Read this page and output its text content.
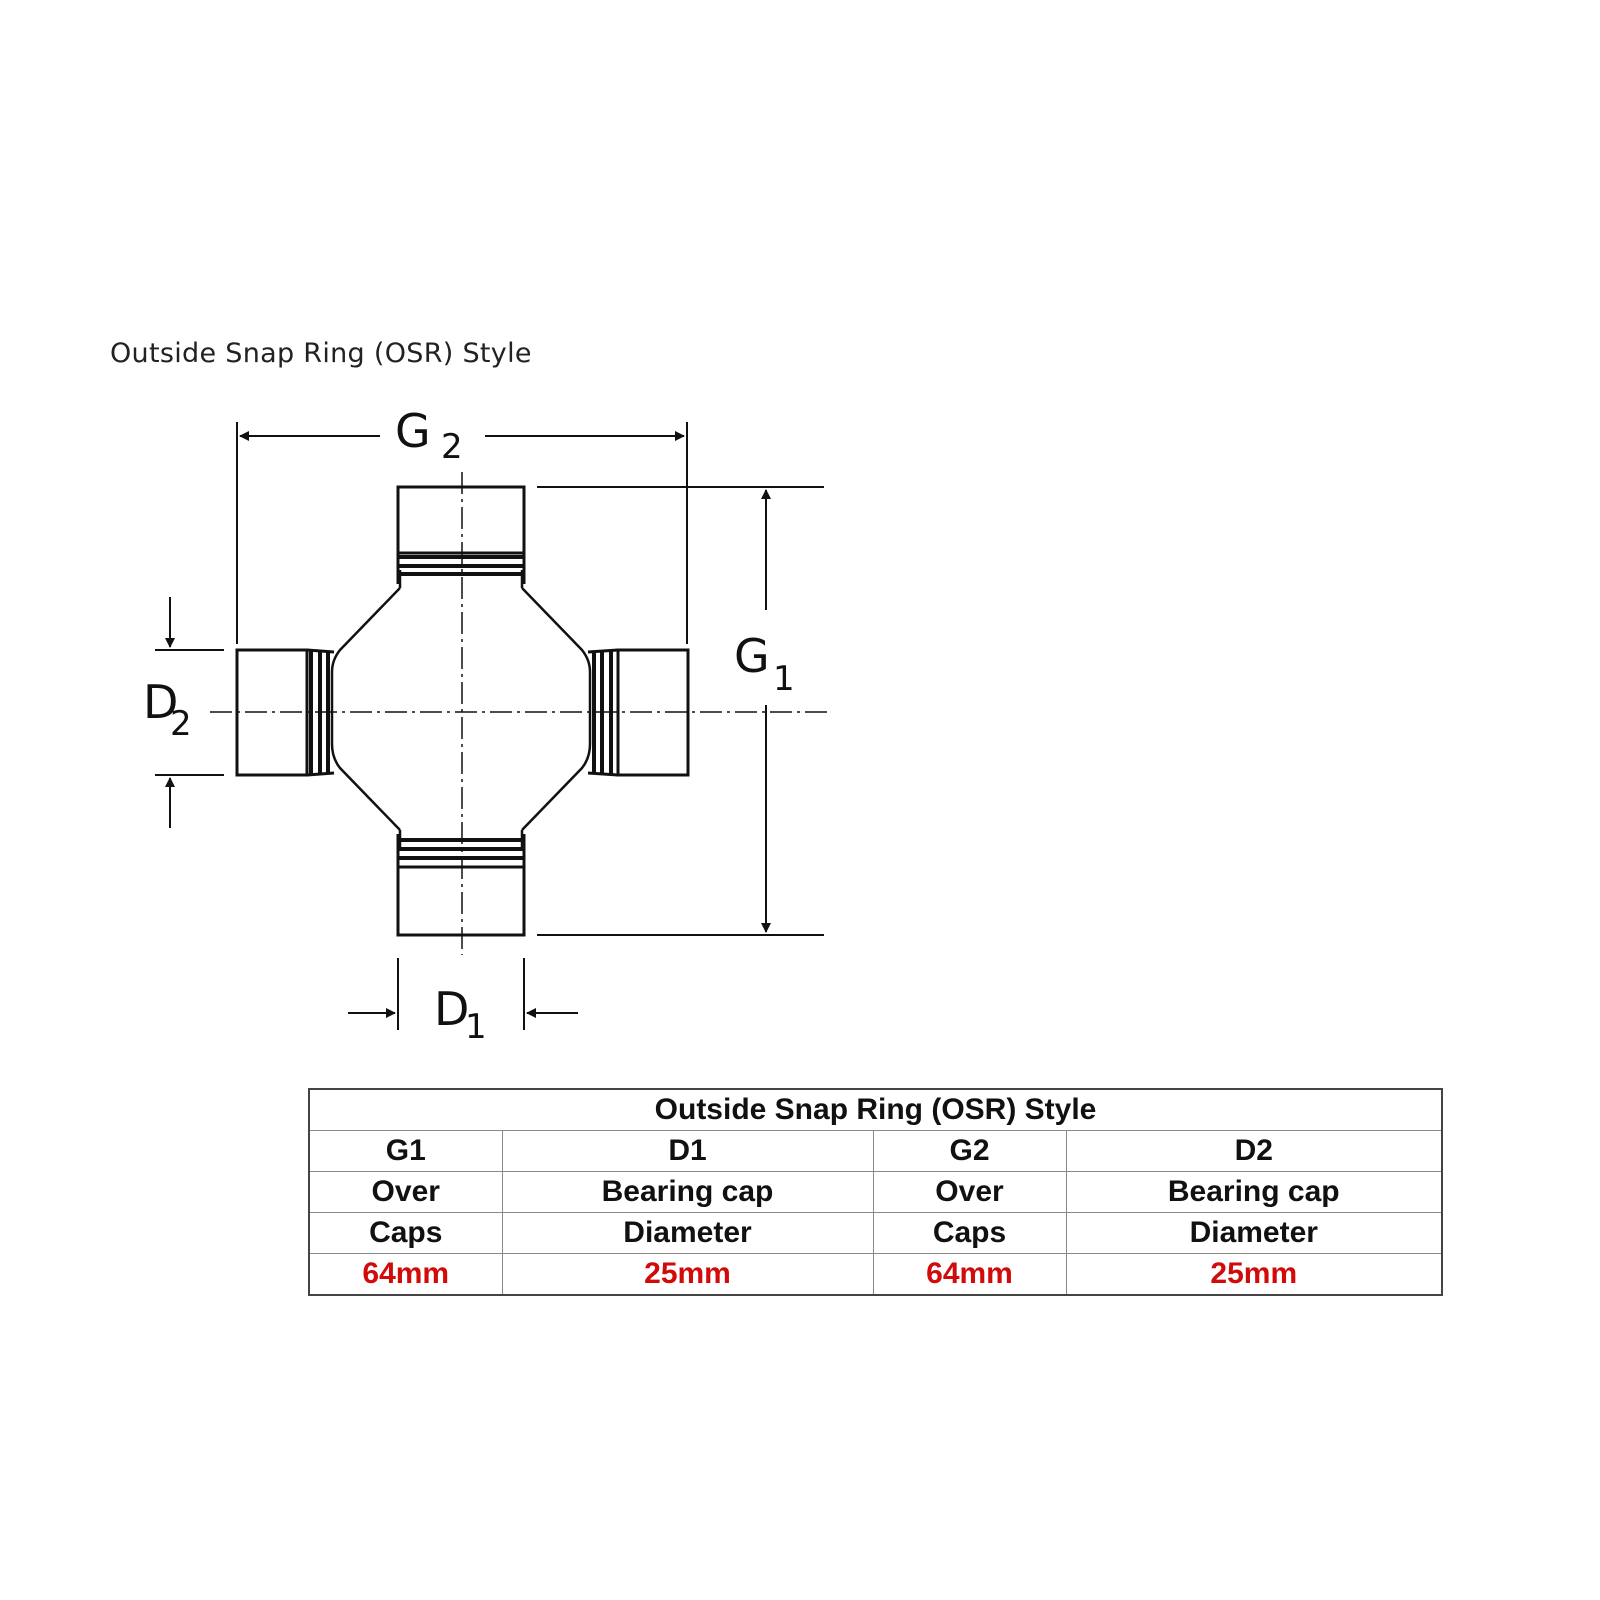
Outside Snap Ring (OSR) Style
G 2
G 1
D
2
D
1
Outside Snap Ring (OSR) Style			
G1	D1	G2	D2
Over	Bearing cap	Over	Bearing cap
Caps	Diameter	Caps	Diameter
64mm	25mm	64mm	25mm
